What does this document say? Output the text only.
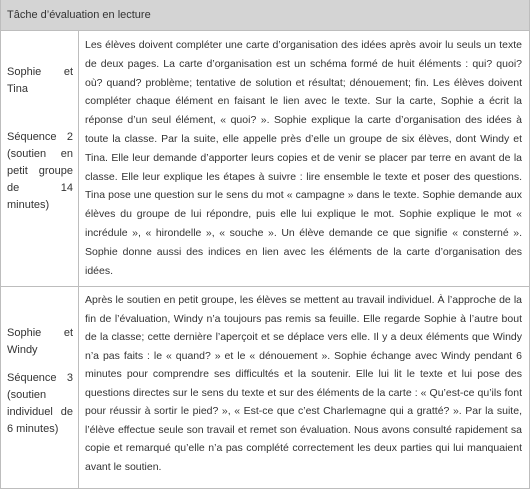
Tâche d’évaluation en lecture
Sophie et Tina
Séquence 2 (soutien en petit groupe de 14 minutes)
Les élèves doivent compléter une carte d’organisation des idées après avoir lu seuls un texte de deux pages. La carte d’organisation est un schéma formé de huit éléments : qui? quoi? où? quand? problème; tentative de solution et résultat; dénouement; fin. Les élèves doivent compléter chaque élément en faisant le lien avec le texte. Sur la carte, Sophie a écrit la réponse d’un seul élément, « quoi? ». Sophie explique la carte d’organisation des idées à toute la classe. Par la suite, elle appelle près d’elle un groupe de six élèves, dont Windy et Tina. Elle leur demande d’apporter leurs copies et de venir se placer par terre en avant de la classe. Elle leur explique les étapes à suivre : lire ensemble le texte et poser des questions. Tina pose une question sur le sens du mot « campagne » dans le texte. Sophie demande aux élèves du groupe de lui répondre, puis elle lui explique le mot. Sophie explique le mot « incrédule », « hirondelle », « souche ». Un élève demande ce que signifie « consterné ». Sophie donne aussi des indices en lien avec les éléments de la carte d’organisation des idées.
Sophie et Windy
Séquence 3 (soutien individuel de 6 minutes)
Après le soutien en petit groupe, les élèves se mettent au travail individuel. À l’approche de la fin de l’évaluation, Windy n’a toujours pas remis sa feuille. Elle regarde Sophie à l’autre bout de la classe; cette dernière l’aperçoit et se déplace vers elle. Il y a deux éléments que Windy n’a pas faits : le « quand? » et le « dénouement ». Sophie échange avec Windy pendant 6 minutes pour comprendre ses difficultés et la soutenir. Elle lui lit le texte et lui pose des questions directes sur le sens du texte et sur des éléments de la carte : « Qu’est-ce qu’ils font pour réussir à sortir le pied? », « Est-ce que c’est Charlemagne qui a gratté? ». Par la suite, l’élève effectue seule son travail et remet son évaluation. Nous avons consulté rapidement sa copie et remarqué qu’elle n’a pas complété correctement les deux parties qui lui manquaient avant le soutien.
